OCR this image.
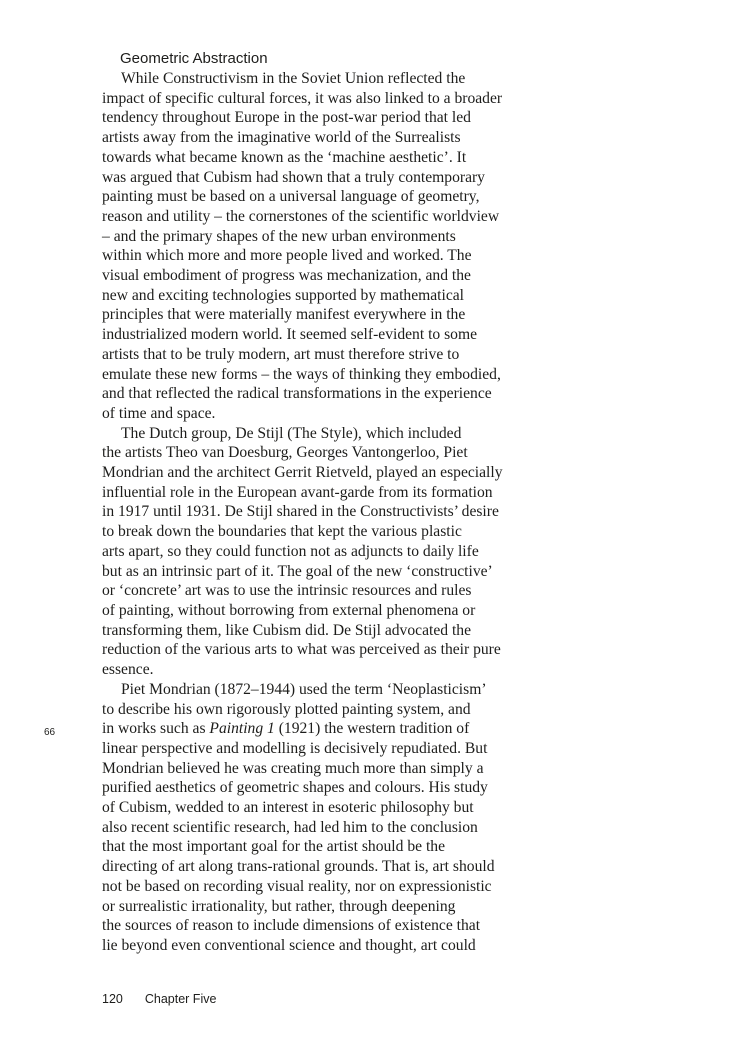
Geometric Abstraction

While Constructivism in the Soviet Union reflected the
impact of specific cultural forces, it was also linked to a broader
tendency throughout Europe in the post-war period that led
artists away from the imaginative world of the Surrealists
towards what became known as the ‘machine aesthetic’. It
was argued that Cubism had shown that a truly contemporary
painting must be based on a universal language of geometry,
reason and utility – the cornerstones of the scientific worldview
– and the primary shapes of the new urban environments
within which more and more people lived and worked. The
visual embodiment of progress was mechanization, and the
new and exciting technologies supported by mathematical
principles that were materially manifest everywhere in the
industrialized modern world. It seemed self-evident to some
artists that to be truly modern, art must therefore strive to
emulate these new forms – the ways of thinking they embodied,
and that reflected the radical transformations in the experience
of time and space.

The Dutch group, De Stijl (The Style), which included
the artists Theo van Doesburg, Georges Vantongerloo, Piet
Mondrian and the architect Gerrit Rietveld, played an especially
influential role in the European avant-garde from its formation
in 1917 until 1931. De Stijl shared in the Constructivists’ desire
to break down the boundaries that kept the various plastic
arts apart, so they could function not as adjuncts to daily life
but as an intrinsic part of it. The goal of the new ‘constructive’
or ‘concrete’ art was to use the intrinsic resources and rules
of painting, without borrowing from external phenomena or
transforming them, like Cubism did. De Stijl advocated the
reduction of the various arts to what was perceived as their pure
essence.

Piet Mondrian (1872–1944) used the term ‘Neoplasticism’
to describe his own rigorously plotted painting system, and
in works such as Painting 1 (1921) the western tradition of
linear perspective and modelling is decisively repudiated. But
Mondrian believed he was creating much more than simply a
purified aesthetics of geometric shapes and colours. His study
of Cubism, wedded to an interest in esoteric philosophy but
also recent scientific research, had led him to the conclusion
that the most important goal for the artist should be the
directing of art along trans-rational grounds. That is, art should
not be based on recording visual reality, nor on expressionistic
or surrealistic irrationality, but rather, through deepening
the sources of reason to include dimensions of existence that
lie beyond even conventional science and thought, art could

66
120 Chapter Five
